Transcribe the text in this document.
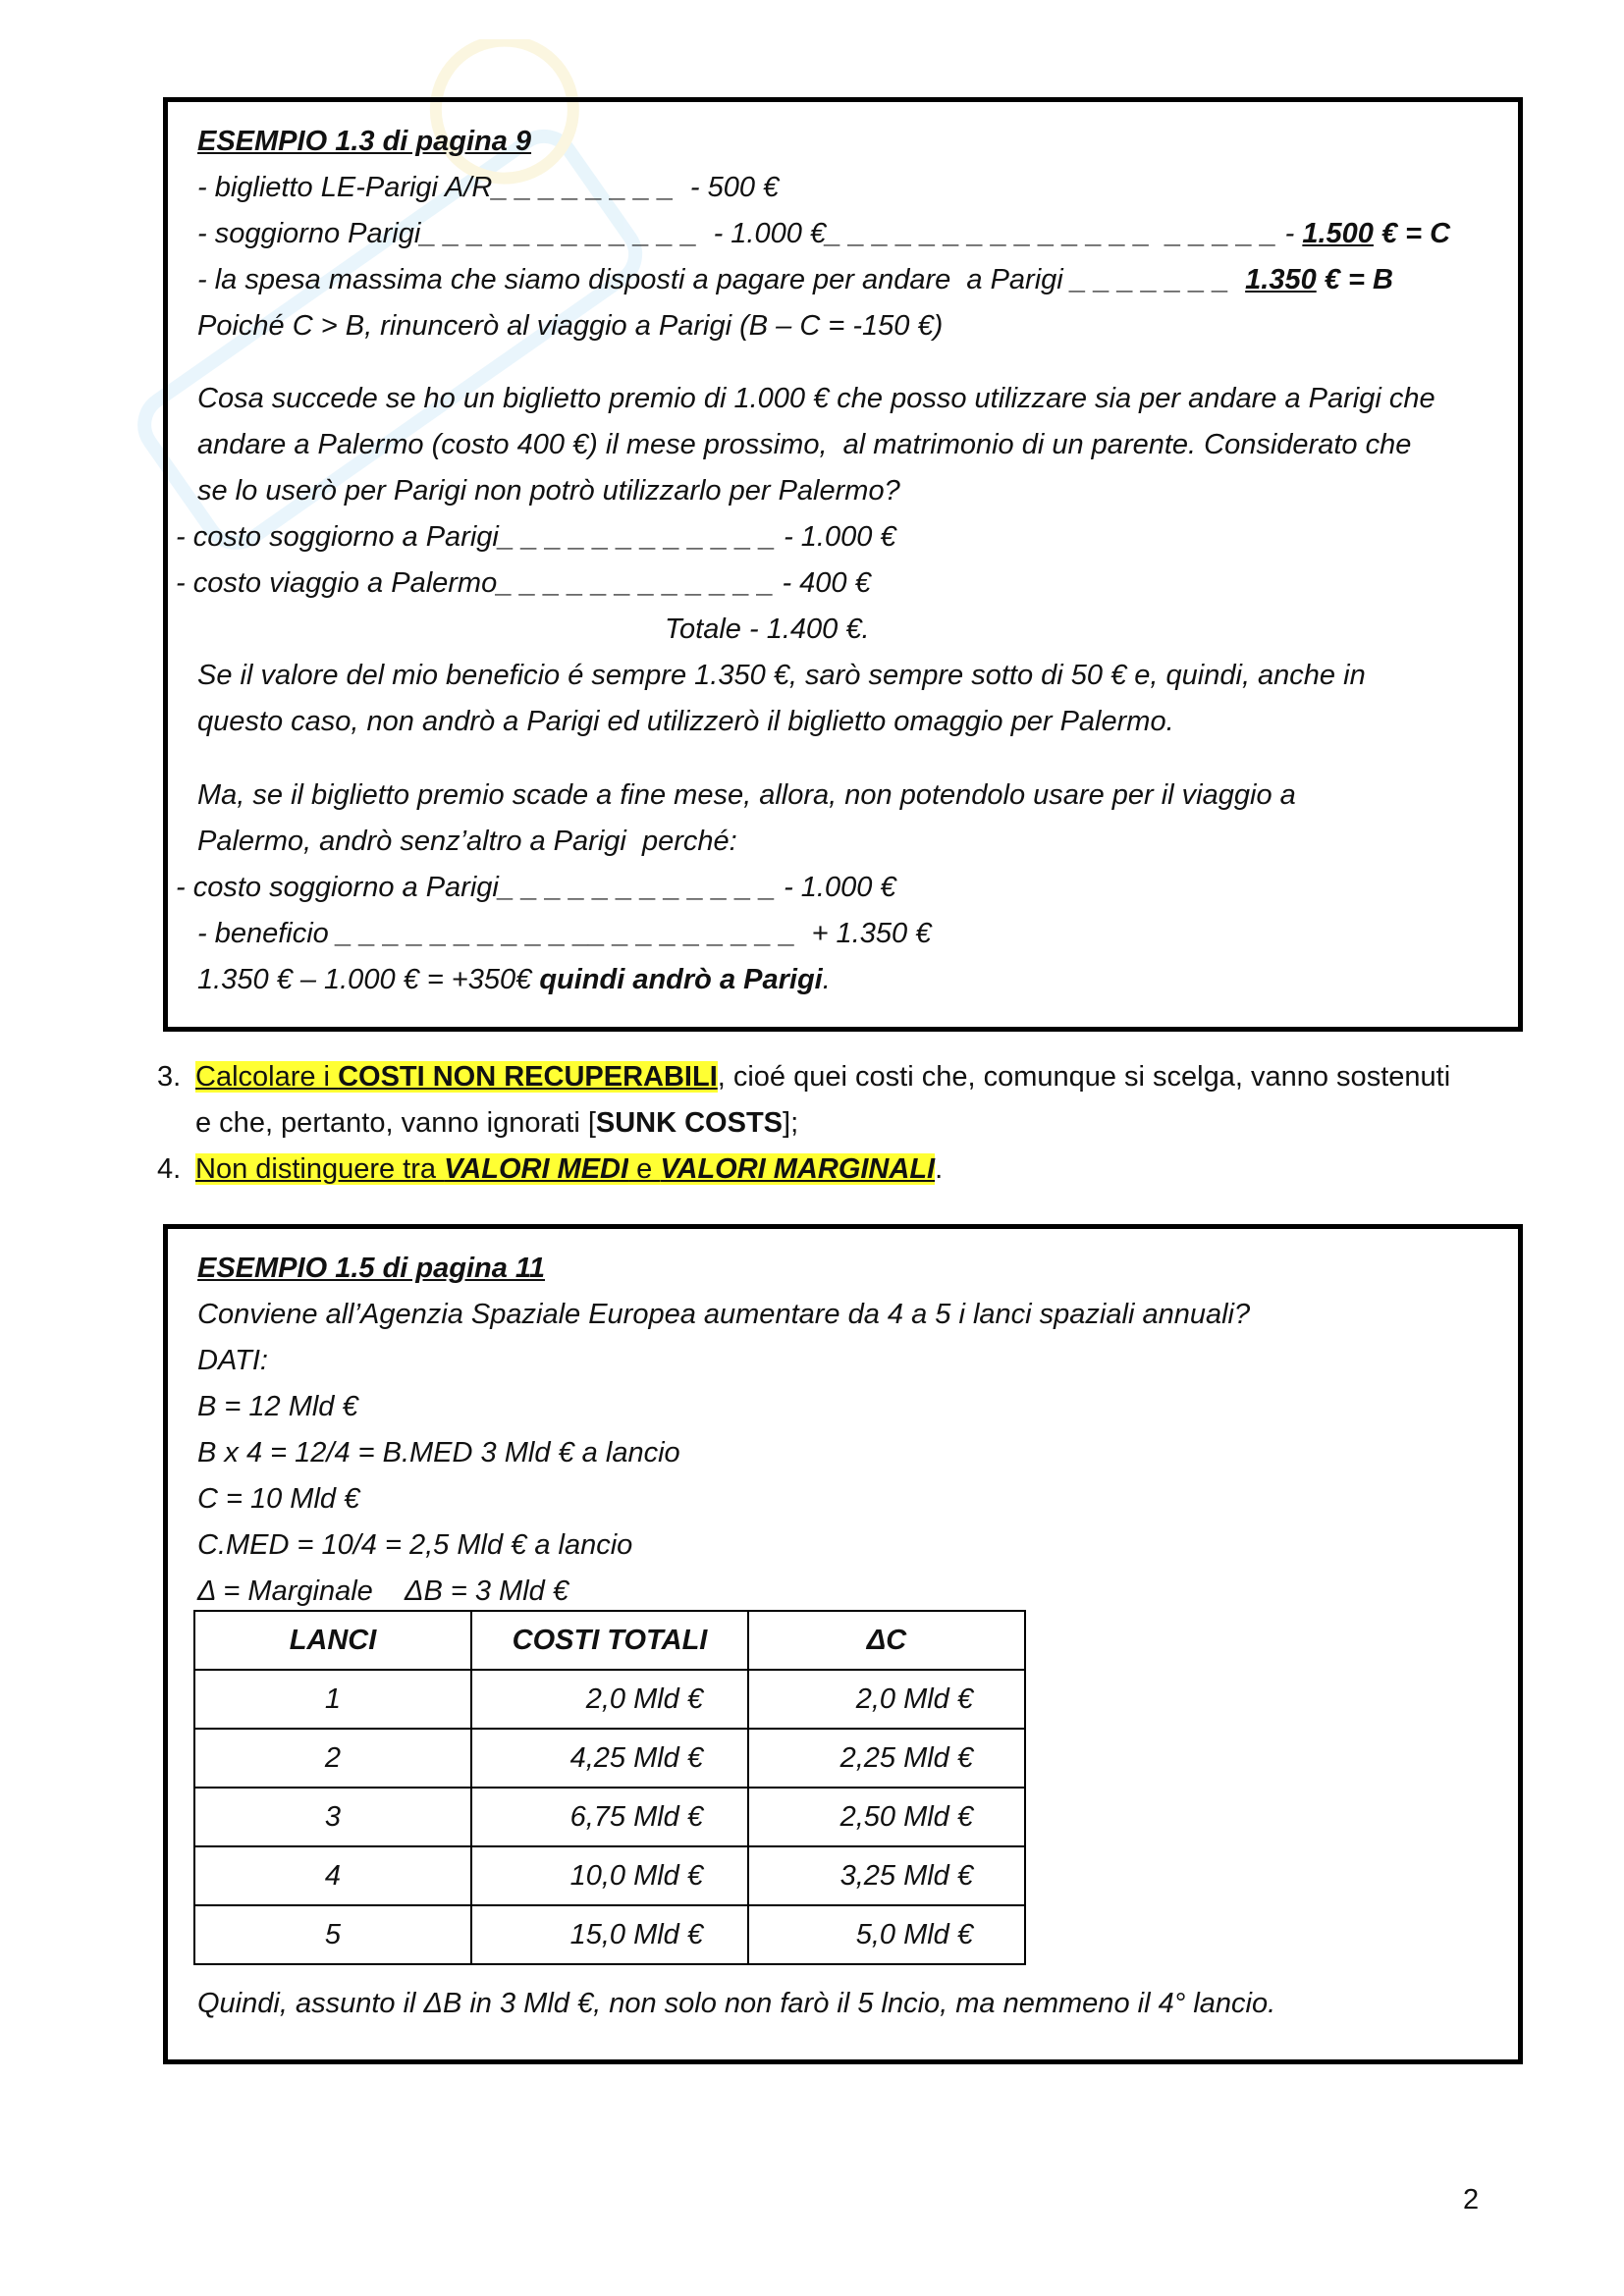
ESEMPIO 1.3 di pagina 9
- biglietto LE-Parigi A/R_ _ _ _ _ _ _ _  - 500 €
- soggiorno Parigi_ _ _ _ _ _ _ _ _ _ _ _  - 1.000 €_ _ _ _ _ _ _ _ _ _ _ _ _ _  _ _ _ _ _ - 1.500 € = C
- la spesa massima che siamo disposti a pagare per andare  a Parigi _ _ _ _ _ _ _  1.350 € = B
Poiché C > B, rinuncerò al viaggio a Parigi (B – C = -150 €)
Cosa succede se ho un biglietto premio di 1.000 € che posso utilizzare sia per andare a Parigi che
andare a Palermo (costo 400 €) il mese prossimo,  al matrimonio di un parente. Considerato che
se lo userò per Parigi non potrò utilizzarlo per Palermo?
- costo soggiorno a Parigi_ _ _ _ _ _ _ _ _ _ _ _ - 1.000 €
- costo viaggio a Palermo_ _ _ _ _ _ _ _ _ _ _ _ - 400 €
Totale - 1.400 €.
Se il valore del mio beneficio é sempre 1.350 €, sarò sempre sotto di 50 € e, quindi, anche in
questo caso, non andrò a Parigi ed utilizzerò il biglietto omaggio per Palermo.
Ma, se il biglietto premio scade a fine mese, allora, non potendolo usare per il viaggio a
Palermo, andrò senz’altro a Parigi  perché:
- costo soggiorno a Parigi_ _ _ _ _ _ _ _ _ _ _ _ - 1.000 €
- beneficio _ _ _ _ _ _ _ _ _ _ __ _ _ _ _ _ _ _ _  + 1.350 €
1.350 € – 1.000 € = +350€ quindi andrò a Parigi.
3. Calcolare i COSTI NON RECUPERABILI, cioé quei costi che, comunque si scelga, vanno sostenuti
e che, pertanto, vanno ignorati [SUNK COSTS];
4. Non distinguere tra VALORI MEDI e VALORI MARGINALI.
ESEMPIO 1.5 di pagina 11
Conviene all’Agenzia Spaziale Europea aumentare da 4 a 5 i lanci spaziali annuali?
DATI:
B = 12 Mld €
B x 4 = 12/4 = B.MED 3 Mld € a lancio
C = 10 Mld €
C.MED = 10/4 = 2,5 Mld € a lancio
Δ = Marginale    ΔB = 3 Mld €
Quindi, assunto il ΔB in 3 Mld €, non solo non farò il 5 lncio, ma nemmeno il 4° lancio.
LANCI	COSTI TOTALI	ΔC
1	2,0 Mld €	2,0 Mld €
2	4,25 Mld €	2,25 Mld €
3	6,75 Mld €	2,50 Mld €
4	10,0 Mld €	3,25 Mld €
5	15,0 Mld €	5,0 Mld €
2
